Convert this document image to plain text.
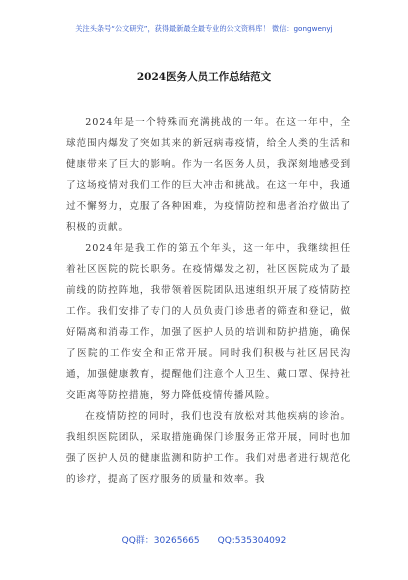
关注头条号“公文研究”，获得最新最全最专业的公文资料库！ 微信：gongwenyj
2024医务人员工作总结范文

2024年是一个特殊而充满挑战的一年。在这一年中，全球范围内爆发了突如其来的新冠病毒疫情，给全人类的生活和健康带来了巨大的影响。作为一名医务人员，我深刻地感受到了这场疫情对我们工作的巨大冲击和挑战。在这一年中，我通过不懈努力，克服了各种困难，为疫情防控和患者治疗做出了积极的贡献。

2024年是我工作的第五个年头，这一年中，我继续担任着社区医院的院长职务。在疫情爆发之初，社区医院成为了最前线的防控阵地，我带领着医院团队迅速组织开展了疫情防控工作。我们安排了专门的人员负责门诊患者的筛查和登记，做好隔离和消毒工作，加强了医护人员的培训和防护措施，确保了医院的工作安全和正常开展。同时我们积极与社区居民沟通，加强健康教育，提醒他们注意个人卫生、戴口罩、保持社交距离等防控措施，努力降低疫情传播风险。

在疫情防控的同时，我们也没有放松对其他疾病的诊治。我组织医院团队，采取措施确保门诊服务正常开展，同时也加强了医护人员的健康监测和防护工作。我们对患者进行规范化的诊疗，提高了医疗服务的质量和效率。我

QQ群：30265665 QQ:535304092
